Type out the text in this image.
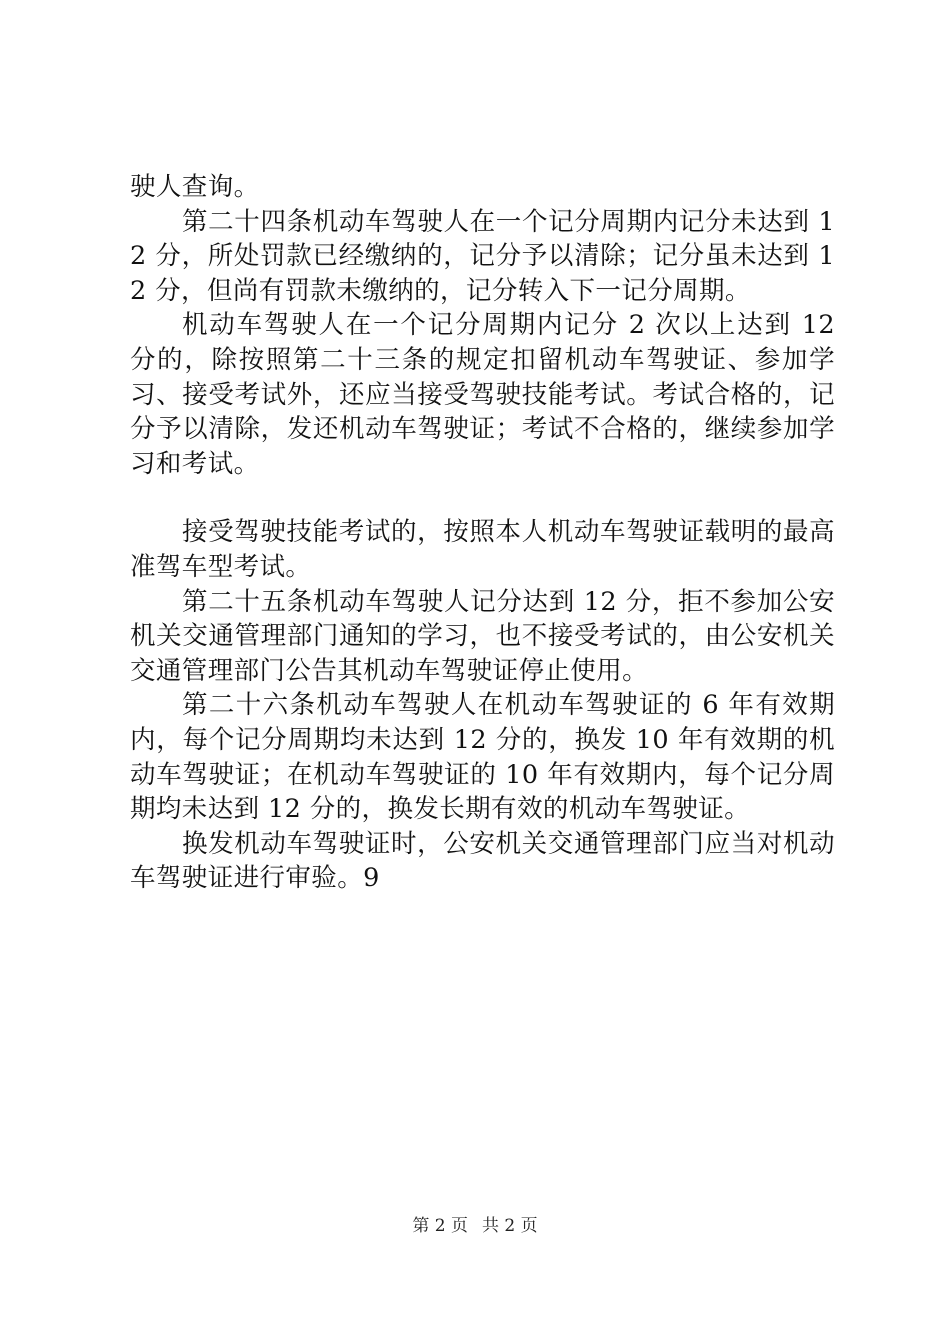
驶人查询。

第二十四条机动车驾驶人在一个记分周期内记分未达到 12 分，所处罚款已经缴纳的，记分予以清除；记分虽未达到 12 分，但尚有罚款未缴纳的，记分转入下一记分周期。

机动车驾驶人在一个记分周期内记分 2 次以上达到 12 分的，除按照第二十三条的规定扣留机动车驾驶证、参加学习、接受考试外，还应当接受驾驶技能考试。考试合格的，记分予以清除，发还机动车驾驶证；考试不合格的，继续参加学习和考试。

接受驾驶技能考试的，按照本人机动车驾驶证载明的最高准驾车型考试。

第二十五条机动车驾驶人记分达到 12 分，拒不参加公安机关交通管理部门通知的学习，也不接受考试的，由公安机关交通管理部门公告其机动车驾驶证停止使用。

第二十六条机动车驾驶人在机动车驾驶证的 6 年有效期内，每个记分周期均未达到 12 分的，换发 10 年有效期的机动车驾驶证；在机动车驾驶证的 10 年有效期内，每个记分周期均未达到 12 分的，换发长期有效的机动车驾驶证。

换发机动车驾驶证时，公安机关交通管理部门应当对机动车驾驶证进行审验。9

第 2 页 共 2 页
